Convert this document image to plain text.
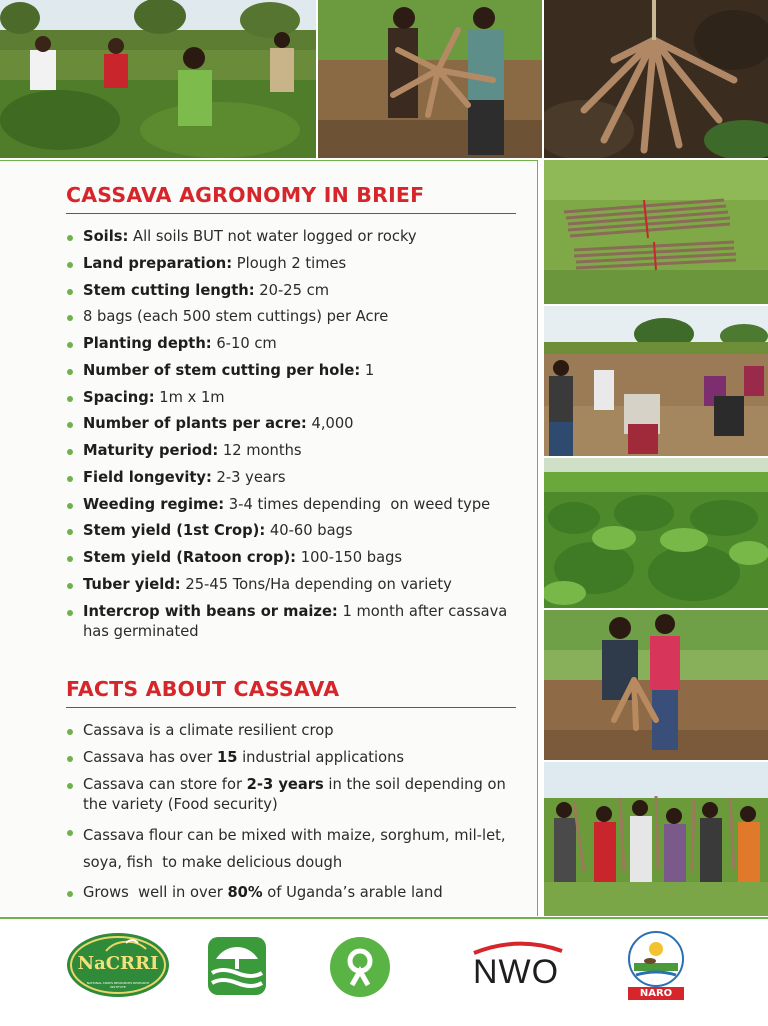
CASSAVA AGRONOMY IN BRIEF
Soils: All soils BUT not water logged or rocky
Land preparation: Plough 2 times
Stem cutting length: 20-25 cm
8 bags (each 500 stem cuttings) per Acre
Planting depth: 6-10 cm
Number of stem cutting per hole: 1
Spacing: 1m x 1m
Number of plants per acre: 4,000
Maturity period: 12 months
Field longevity: 2-3 years
Weeding regime: 3-4 times depending  on weed type
Stem yield (1st Crop): 40-60 bags
Stem yield (Ratoon crop): 100-150 bags
Tuber yield: 25-45 Tons/Ha depending on variety
Intercrop with beans or maize: 1 month after cassava has germinated
FACTS ABOUT CASSAVA
Cassava is a climate resilient crop
Cassava has over 15 industrial applications
Cassava can store for 2-3 years in the soil depending on the variety (Food security)
Cassava flour can be mixed with maize, sorghum, mil-let, soya, fish  to make delicious dough
Grows  well in over 80% of Uganda’s arable land
NaCRRI
NATIONAL CROPS RESOURCES RESEARCH INSTITUTE	NWO
NARO
